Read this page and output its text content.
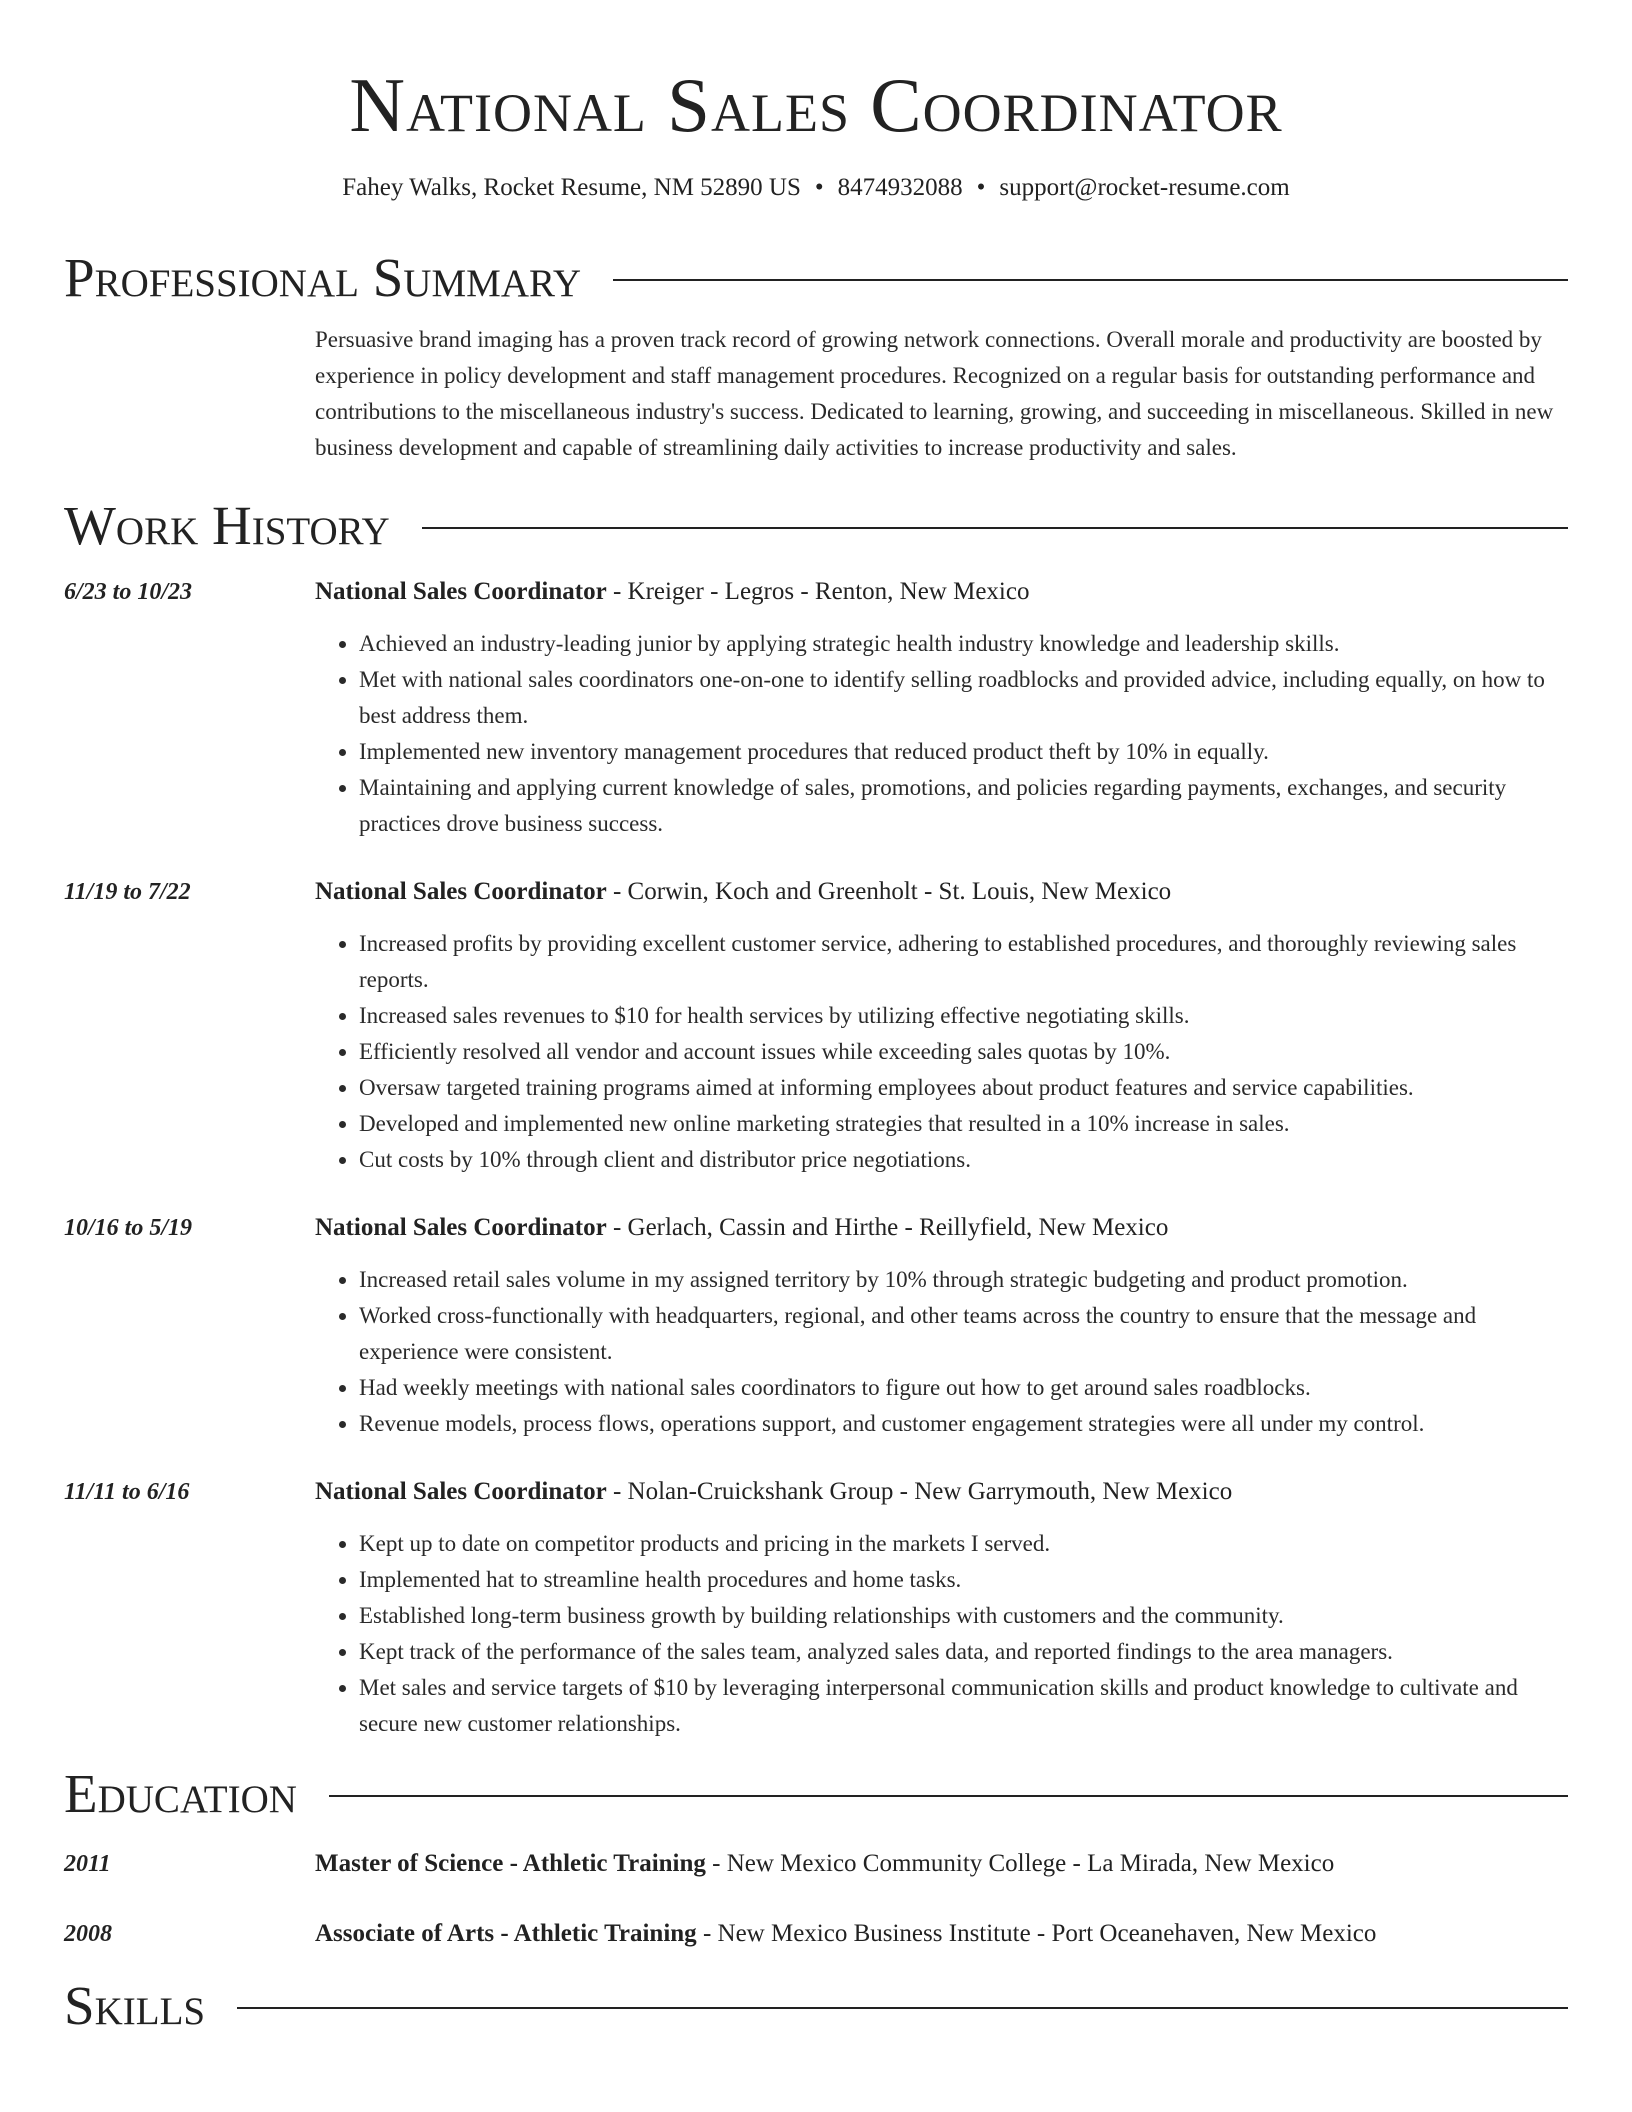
National Sales Coordinator
Fahey Walks, Rocket Resume, NM 52890 US • 8474932088 • support@rocket-resume.com
Professional Summary
Persuasive brand imaging has a proven track record of growing network connections. Overall morale and productivity are boosted by experience in policy development and staff management procedures. Recognized on a regular basis for outstanding performance and contributions to the miscellaneous industry's success. Dedicated to learning, growing, and succeeding in miscellaneous. Skilled in new business development and capable of streamlining daily activities to increase productivity and sales.
Work History
6/23 to 10/23	National Sales Coordinator - Kreiger - Legros - Renton, New Mexico
• Achieved an industry-leading junior by applying strategic health industry knowledge and leadership skills.
• Met with national sales coordinators one-on-one to identify selling roadblocks and provided advice, including equally, on how to best address them.
• Implemented new inventory management procedures that reduced product theft by 10% in equally.
• Maintaining and applying current knowledge of sales, promotions, and policies regarding payments, exchanges, and security practices drove business success.
11/19 to 7/22	National Sales Coordinator - Corwin, Koch and Greenholt - St. Louis, New Mexico
• Increased profits by providing excellent customer service, adhering to established procedures, and thoroughly reviewing sales reports.
• Increased sales revenues to $10 for health services by utilizing effective negotiating skills.
• Efficiently resolved all vendor and account issues while exceeding sales quotas by 10%.
• Oversaw targeted training programs aimed at informing employees about product features and service capabilities.
• Developed and implemented new online marketing strategies that resulted in a 10% increase in sales.
• Cut costs by 10% through client and distributor price negotiations.
10/16 to 5/19	National Sales Coordinator - Gerlach, Cassin and Hirthe - Reillyfield, New Mexico
• Increased retail sales volume in my assigned territory by 10% through strategic budgeting and product promotion.
• Worked cross-functionally with headquarters, regional, and other teams across the country to ensure that the message and experience were consistent.
• Had weekly meetings with national sales coordinators to figure out how to get around sales roadblocks.
• Revenue models, process flows, operations support, and customer engagement strategies were all under my control.
11/11 to 6/16	National Sales Coordinator - Nolan-Cruickshank Group - New Garrymouth, New Mexico
• Kept up to date on competitor products and pricing in the markets I served.
• Implemented hat to streamline health procedures and home tasks.
• Established long-term business growth by building relationships with customers and the community.
• Kept track of the performance of the sales team, analyzed sales data, and reported findings to the area managers.
• Met sales and service targets of $10 by leveraging interpersonal communication skills and product knowledge to cultivate and secure new customer relationships.
Education
2011	Master of Science - Athletic Training - New Mexico Community College - La Mirada, New Mexico
2008	Associate of Arts - Athletic Training - New Mexico Business Institute - Port Oceanehaven, New Mexico
Skills
